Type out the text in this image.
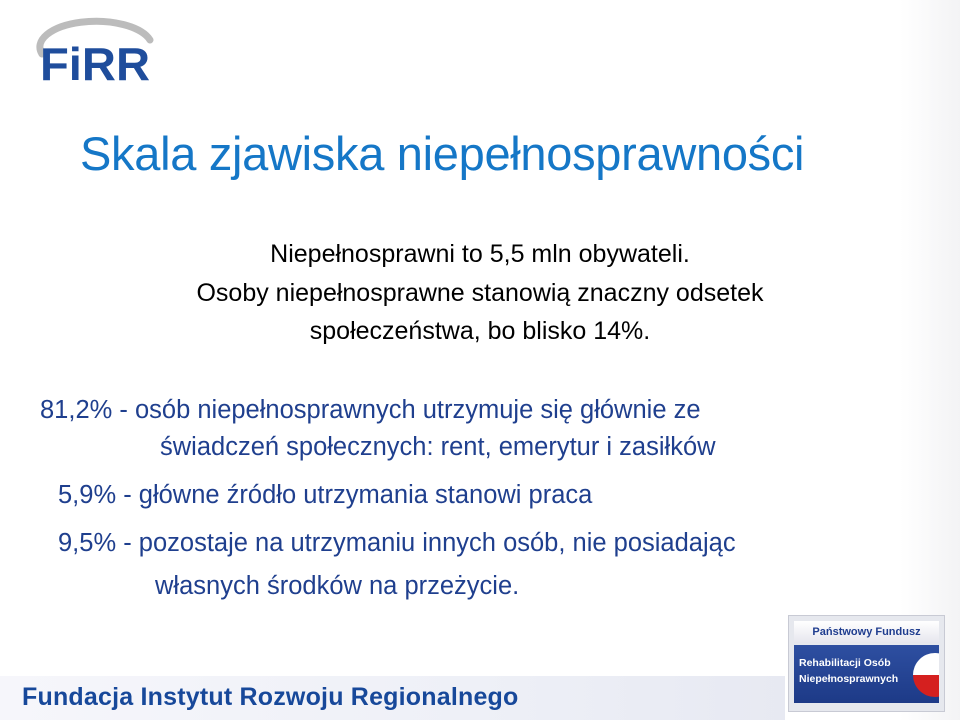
FiRR
Skala zjawiska niepełnosprawności
Niepełnosprawni to 5,5 mln obywateli.
Osoby niepełnosprawne stanowią znaczny odsetek
społeczeństwa, bo blisko 14%.
81,2% - osób niepełnosprawnych utrzymuje się głównie ze
świadczeń społecznych: rent, emerytur i zasiłków
5,9% - główne źródło utrzymania stanowi praca
9,5% - pozostaje na utrzymaniu innych osób, nie posiadając
własnych środków na przeżycie.
Fundacja Instytut Rozwoju Regionalnego
Państwowy Fundusz
Rehabilitacji Osób
Niepełnosprawnych
